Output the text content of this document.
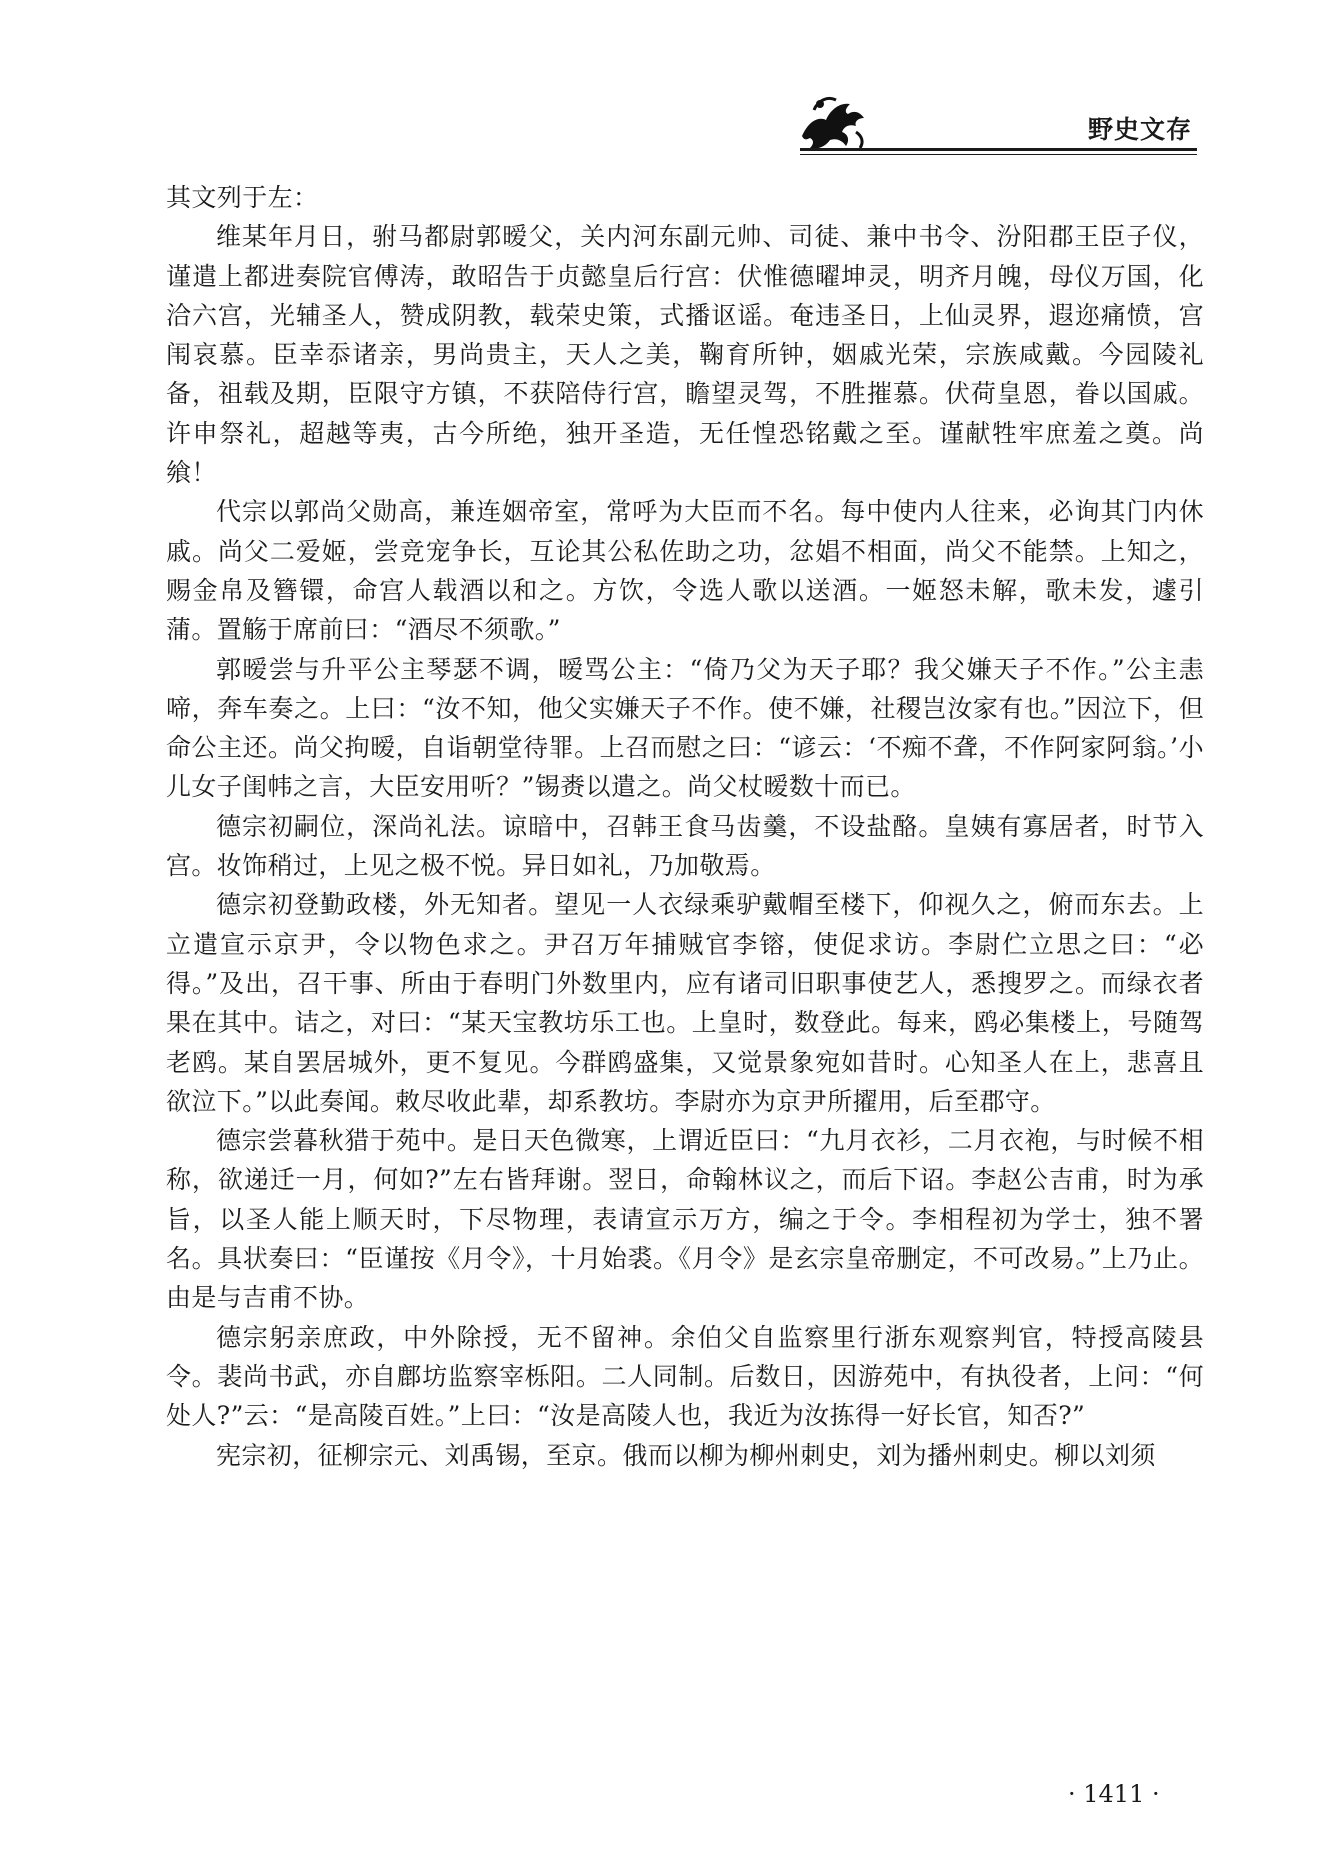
野史文存

其文列于左：

维某年月日，驸马都尉郭暧父，关内河东副元帅、司徒、兼中书令、汾阳郡王臣子仪，谨遣上都进奏院官傅涛，敢昭告于贞懿皇后行宫：伏惟德曜坤灵，明齐月魄，母仪万国，化洽六宫，光辅圣人，赞成阴教，载荣史策，式播讴谣。奄违圣日，上仙灵界，遐迩痛愤，宫闱哀慕。臣幸忝诸亲，男尚贵主，天人之美，鞠育所钟，姻戚光荣，宗族咸戴。今园陵礼备，祖载及期，臣限守方镇，不获陪侍行宫，瞻望灵驾，不胜摧慕。伏荷皇恩，眷以国戚。许申祭礼，超越等夷，古今所绝，独开圣造，无任惶恐铭戴之至。谨献牲牢庶羞之奠。尚飨！

代宗以郭尚父勋高，兼连姻帝室，常呼为大臣而不名。每中使内人往来，必询其门内休戚。尚父二爱姬，尝竞宠争长，互论其公私佐助之功，忿娼不相面，尚父不能禁。上知之，赐金帛及簪镮，命宫人载酒以和之。方饮，令选人歌以送酒。一姬怒未解，歌未发，遽引蒲。置觞于席前曰：“酒尽不须歌。”

郭暧尝与升平公主琴瑟不调，暧骂公主：“倚乃父为天子耶？我父嫌天子不作。”公主恚啼，奔车奏之。上曰：“汝不知，他父实嫌天子不作。使不嫌，社稷岂汝家有也。”因泣下，但命公主还。尚父拘暧，自诣朝堂待罪。上召而慰之曰：“谚云：‘不痴不聋，不作阿家阿翁。’小儿女子闺帏之言，大臣安用听？”锡赉以遣之。尚父杖暧数十而已。

德宗初嗣位，深尚礼法。谅暗中，召韩王食马齿羹，不设盐酪。皇姨有寡居者，时节入宫。妆饰稍过，上见之极不悦。异日如礼，乃加敬焉。

德宗初登勤政楼，外无知者。望见一人衣绿乘驴戴帽至楼下，仰视久之，俯而东去。上立遣宣示京尹，令以物色求之。尹召万年捕贼官李镕，使促求访。李尉伫立思之曰：“必得。”及出，召干事、所由于春明门外数里内，应有诸司旧职事使艺人，悉搜罗之。而绿衣者果在其中。诘之，对曰：“某天宝教坊乐工也。上皇时，数登此。每来，鸥必集楼上，号随驾老鸥。某自罢居城外，更不复见。今群鸥盛集，又觉景象宛如昔时。心知圣人在上，悲喜且欲泣下。”以此奏闻。敕尽收此辈，却系教坊。李尉亦为京尹所擢用，后至郡守。

德宗尝暮秋猎于苑中。是日天色微寒，上谓近臣曰：“九月衣衫，二月衣袍，与时候不相称，欲递迁一月，何如?”左右皆拜谢。翌日，命翰林议之，而后下诏。李赵公吉甫，时为承旨，以圣人能上顺天时，下尽物理，表请宣示万方，编之于令。李相程初为学士，独不署名。具状奏曰：“臣谨按《月令》，十月始裘。《月令》是玄宗皇帝删定，不可改易。”上乃止。由是与吉甫不协。

德宗躬亲庶政，中外除授，无不留神。余伯父自监察里行浙东观察判官，特授高陵县令。裴尚书武，亦自鄜坊监察宰栎阳。二人同制。后数日，因游苑中，有执役者，上问：“何处人?”云：“是高陵百姓。”上曰：“汝是高陵人也，我近为汝拣得一好长官，知否?”

宪宗初，征柳宗元、刘禹锡，至京。俄而以柳为柳州刺史，刘为播州刺史。柳以刘须

· 1411 ·
